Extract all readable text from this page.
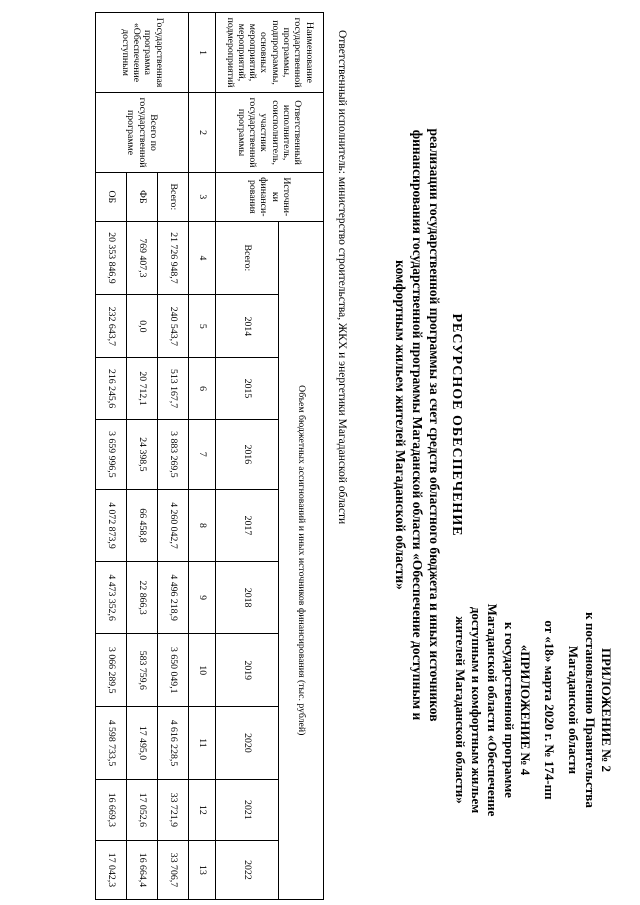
ПРИЛОЖЕНИЕ № 2
к постановлению Правительства
Магаданской области
от «18» марта 2020 г. № 174-пп
«ПРИЛОЖЕНИЕ № 4
к государственной программе
Магаданской области «Обеспечение
доступным и комфортным жильем
жителей Магаданской области»
РЕСУРСНОЕ ОБЕСПЕЧЕНИЕ
реализации государственной программы за счет средств областного бюджета и иных источников
финансирования государственной программы Магаданской области «Обеспечение доступным и
комфортным жильем жителей Магаданской области»
Ответственный исполнитель: министерство строительства, ЖКХ и энергетики Магаданской области
Наименование государственной программы, подпрограммы, основных мероприятий, мероприятий, подмероприятий	Ответственный исполнитель, соисполнитель, участник государственной программы	Источни-ки финанси-рования	Объем бюджетных ассигнований и иных источников финансирования (тыс. рублей)									
			Всего:	2014	2015	2016	2017	2018	2019	2020	2021	2022
1	2	3	4	5	6	7	8	9	10	11	12	13
Государственная программа «Обеспечение доступным	Всего по государственной программе	Всего:	21 726 948,7	240 543,7	513 167,7	3 883 269,5	4 260 042,7	4 496 218,9	3 650 049,1	4 616 228,5	33 721,9	33 706,7
		ФБ	769 407,3	0,0	20 712,1	24 398,5	66 458,8	22 866,3	583 759,6	17 495,0	17 052,6	16 664,4
		ОБ	20 353 846,9	232 643,7	216 245,6	3 659 996,5	4 072 873,9	4 473 352,6	3 066 289,5	4 598 733,5	16 669,3	17 042,3
